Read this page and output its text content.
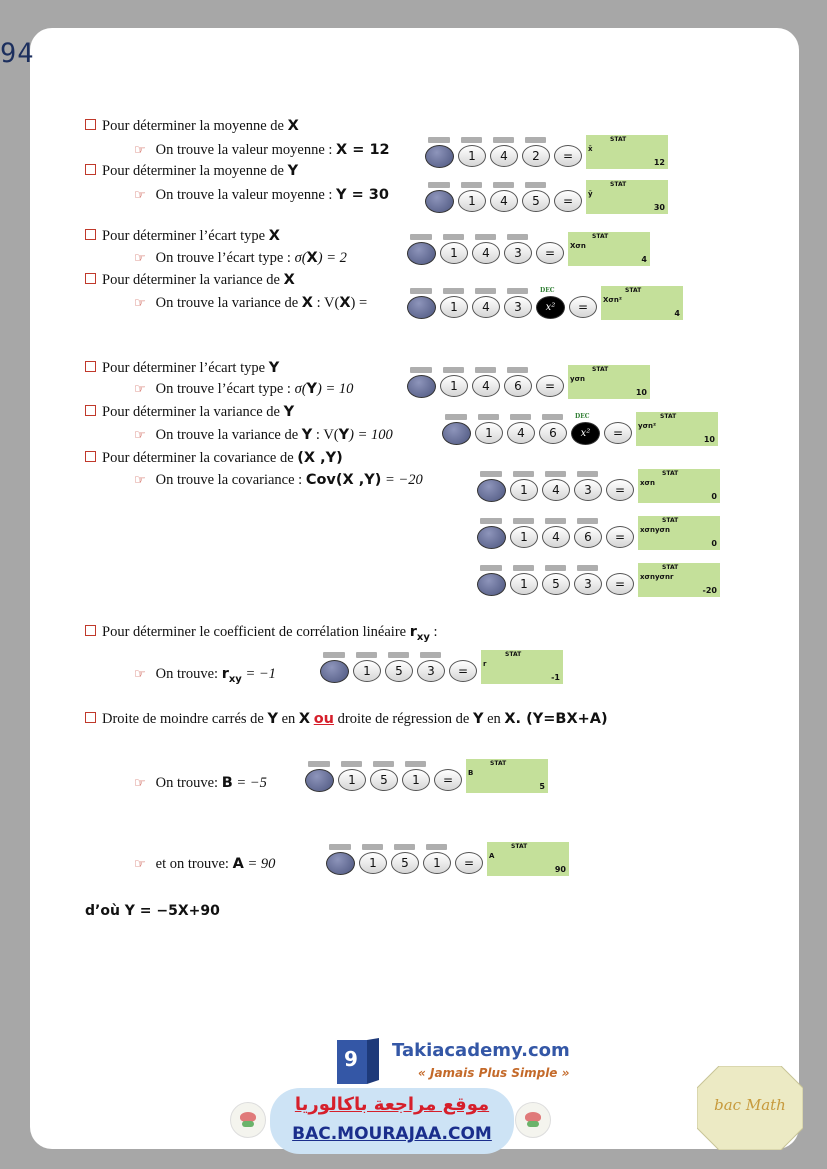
94
Pour déterminer la moyenne de X
☞ On trouve la valeur moyenne : X = 12
Pour déterminer la moyenne de Y
☞ On trouve la valeur moyenne : Y = 30
Pour déterminer l’écart type X
☞ On trouve l’écart type : σ(X) = 2
Pour déterminer la variance de X
☞ On trouve la variance de X : V(X) =
Pour déterminer l’écart type Y
☞ On trouve l’écart type : σ(Y) = 10
Pour déterminer la variance de Y
☞ On trouve la variance de Y : V(Y) = 100
Pour déterminer la covariance de (X ,Y)
☞ On trouve la covariance : Cov(X ,Y) = −20
Pour déterminer le coefficient de corrélation linéaire $r_{xy}$ :
☞ On trouve: $r_{xy} = -1$
Droite de moindre carrés de Y en X ou droite de régression de Y en X. (Y=BX+A)
☞ On trouve: B = −5
☞ et on trouve: A = 90
d’où Y = −5X+90
1 4 2 =
STAT
x̄
12
1 4 5 =
STAT
ȳ
30
1 4 3 =
STAT
Xσn
4
1 4 3
DEC
x² =
STAT
Xσn²
4
1 4 6 =
STAT
yσn
10
1 4 6
DEC
x² =
STAT
yσn²
10
1 4 3 =
STAT
xσn
0
1 4 6 =
STAT
xσnyσn
0
1 5 3 =
STAT
xσnyσnr
-20
1 5 3 =
STAT
r
-1
1 5 1 =
STAT
B
5
1 5 1 =
STAT
A
90
9 Takiacademy.com
« Jamais Plus Simple »
موقع مراجعة باكالوريا
BAC.MOURAJAA.COM
bac Math
